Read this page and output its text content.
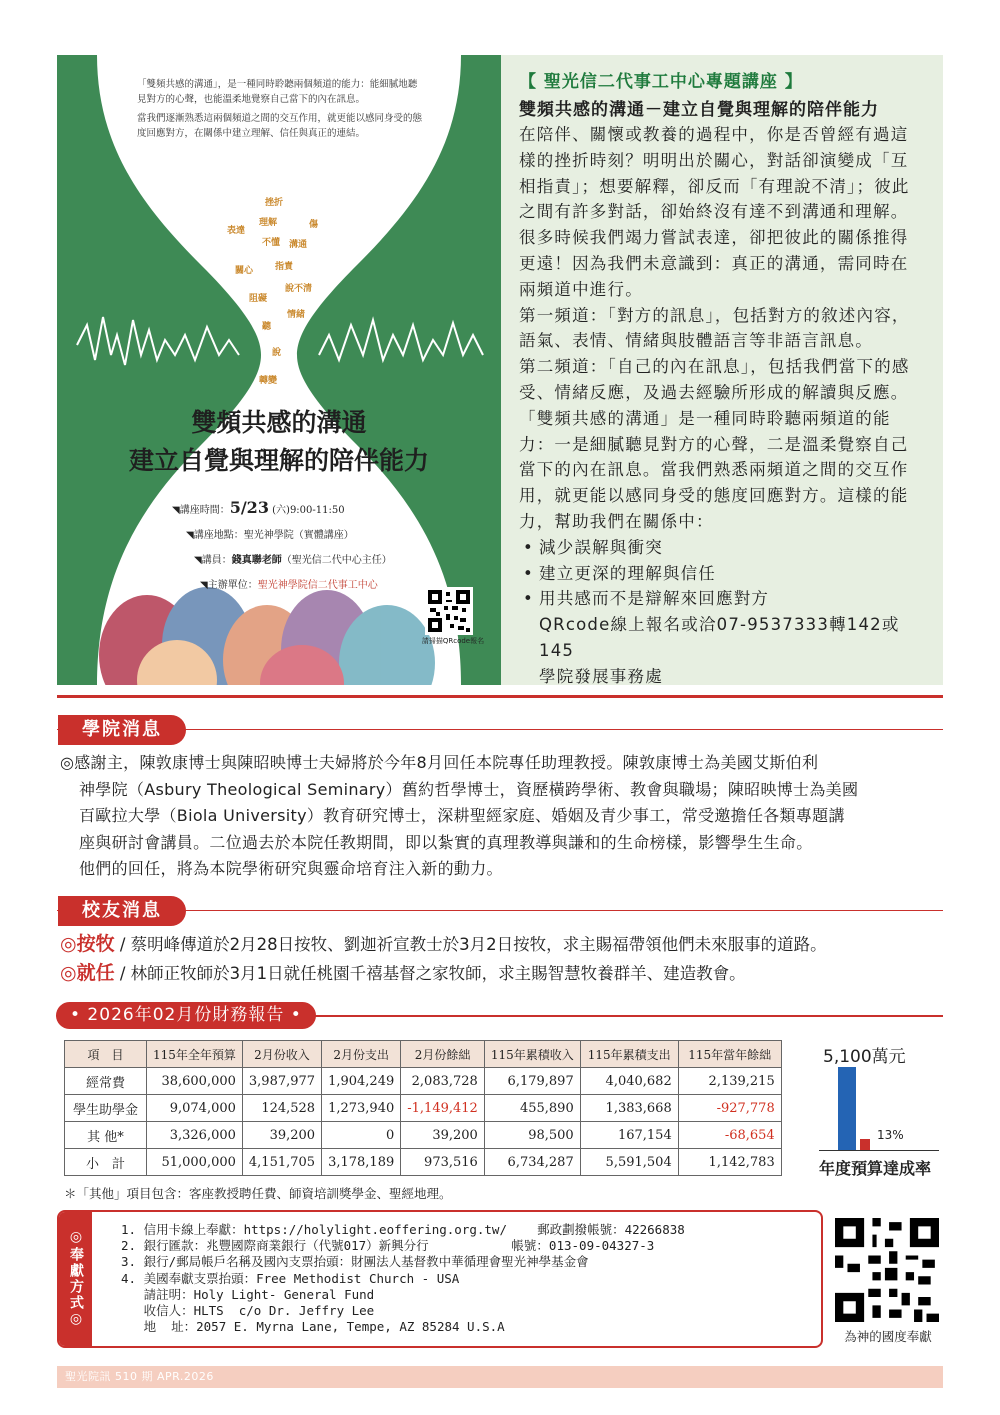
「雙頻共感的溝通」，是一種同時聆聽兩個頻道的能力：能細膩地聽見對方的心聲，也能溫柔地覺察自己當下的內在訊息。

當我們逐漸熟悉這兩個頻道之間的交互作用，就更能以感同身受的態度回應對方，在關係中建立理解、信任與真正的連結。

挫折
表達
理解	傷
不懂 溝通
關心 指責
阻礙
說不清
情緒
聽
說
轉變
雙頻共感的溝通
建立自覺與理解的陪伴能力
◥講座時間：5/23 (六)9:00-11:50
◥講座地點：聖光神學院（實體講座）
◥講員：錢真聯老師（聖光信二代中心主任）
◥主辦單位：聖光神學院信二代事工中心
請掃描QRcode報名
【 聖光信二代事工中心專題講座 】
雙頻共感的溝通－建立自覺與理解的陪伴能力

在陪伴、關懷或教養的過程中，你是否曾經有過這樣的挫折時刻？明明出於關心，對話卻演變成「互相指責」；想要解釋，卻反而「有理說不清」；彼此之間有許多對話，卻始終沒有達不到溝通和理解。很多時候我們竭力嘗試表達，卻把彼此的關係推得更遠！因為我們未意識到：真正的溝通，需同時在兩頻道中進行。

第一頻道：「對方的訊息」，包括對方的敘述內容，語氣、表情、情緒與肢體語言等非語言訊息。

第二頻道：「自己的內在訊息」，包括我們當下的感受、情緒反應，及過去經驗所形成的解讀與反應。

「雙頻共感的溝通」是一種同時聆聽兩頻道的能力：一是細膩聽見對方的心聲，二是溫柔覺察自己當下的內在訊息。當我們熟悉兩頻道之間的交互作用，就更能以感同身受的態度回應對方。這樣的能力，幫助我們在關係中：

• 減少誤解與衝突
• 建立更深的理解與信任
• 用共感而不是辯解來回應對方

QRcode線上報名或洽07-9537333轉142或145

學院發展事務處

學院消息
◎感謝主，陳敦康博士與陳昭映博士夫婦將於今年8月回任本院專任助理教授。陳敦康博士為美國艾斯伯利
神學院（Asbury Theological Seminary）舊約哲學博士，資歷橫跨學術、教會與職場；陳昭映博士為美國
百歐拉大學（Biola University）教育研究博士，深耕聖經家庭、婚姻及青少事工，常受邀擔任各類專題講
座與研討會講員。二位過去於本院任教期間，即以紮實的真理教導與謙和的生命榜樣，影響學生生命。
他們的回任，將為本院學術研究與靈命培育注入新的動力。
校友消息
◎按牧 / 蔡明峰傳道於2月28日按牧、劉迦祈宣教士於3月2日按牧，求主賜福帶領他們未來服事的道路。
◎就任 / 林師正牧師於3月1日就任桃園千禧基督之家牧師，求主賜智慧牧養群羊、建造教會。
• 2026年02月份財務報告 •
項　目	115年全年預算	2月份收入	2月份支出	2月份餘絀	115年累積收入	115年累積支出	115年當年餘絀
經常費	38,600,000	3,987,977	1,904,249	2,083,728	6,179,897	4,040,682	2,139,215
學生助學金	9,074,000	124,528	1,273,940	-1,149,412	455,890	1,383,668	-927,778
其 他*	3,326,000	39,200	0	39,200	98,500	167,154	-68,654
小　計	51,000,000	4,151,705	3,178,189	973,516	6,734,287	5,591,504	1,142,783
5,100萬元
13%
年度預算達成率
＊「其他」項目包含：客座教授聘任費、師資培訓獎學金、聖經地理。
◎奉獻方式◎	1. 信用卡線上奉獻：https://holylight.eoffering.org.tw/    郵政劃撥帳號：42266838
2. 銀行匯款：兆豐國際商業銀行（代號017）新興分行           帳號：013-09-04327-3
3. 銀行/郵局帳戶名稱及國內支票抬頭：財團法人基督教中華循理會聖光神學基金會
4. 美國奉獻支票抬頭：Free Methodist Church - USA
請註明：Holy Light- General Fund
收信人：HLTS  c/o Dr. Jeffry Lee
地  址：2057 E. Myrna Lane, Tempe, AZ 85284 U.S.A
為神的國度奉獻
聖光院訊 510 期 APR.2026
